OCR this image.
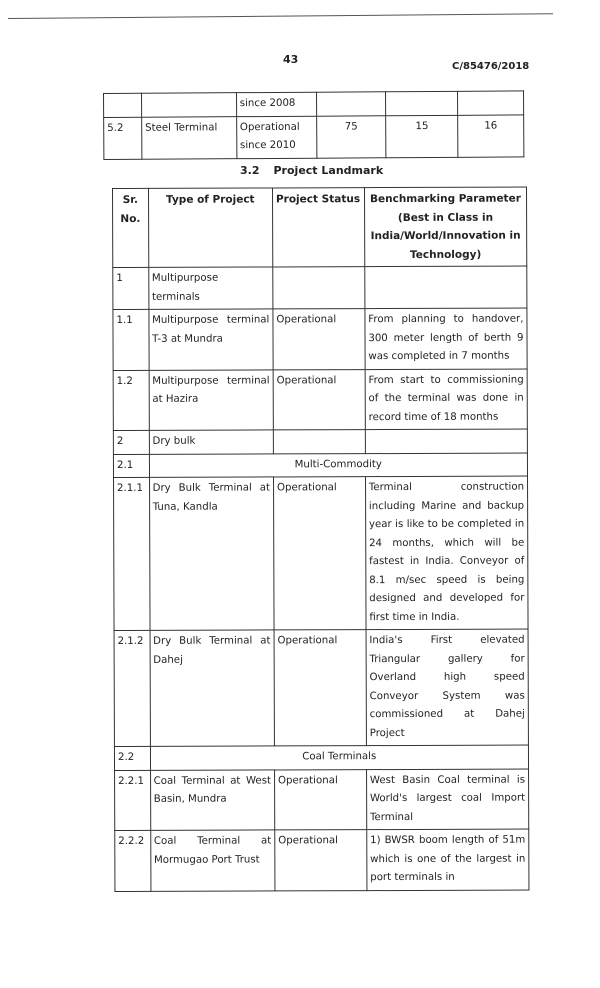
43
C/85476/2018
		since 2008			
5.2	Steel Terminal	Operational since 2010	75	15	16
3.2 Project Landmark
Sr. No.	Type of Project	Project Status	Benchmarking Parameter (Best in Class in India/World/Innovation in Technology)
1	Multipurpose terminals		
1.1	Multipurpose terminal T-3 at Mundra	Operational	From planning to handover, 300 meter length of berth 9 was completed in 7 months
1.2	Multipurpose terminal at Hazira	Operational	From start to commissioning of the terminal was done in record time of 18 months
2	Dry bulk		
2.1	Multi-Commodity		
2.1.1	Dry Bulk Terminal at Tuna, Kandla	Operational	Terminal construction including Marine and backup year is like to be completed in 24 months, which will be fastest in India. Conveyor of 8.1 m/sec speed is being designed and developed for first time in India.
2.1.2	Dry Bulk Terminal at Dahej	Operational	India's First elevated Triangular gallery for Overland high speed Conveyor System was commissioned at Dahej Project
2.2	Coal Terminals		
2.2.1	Coal Terminal at West Basin, Mundra	Operational	West Basin Coal terminal is World's largest coal Import Terminal
2.2.2	Coal Terminal at Mormugao Port Trust	Operational	1) BWSR boom length of 51m which is one of the largest in port terminals in
